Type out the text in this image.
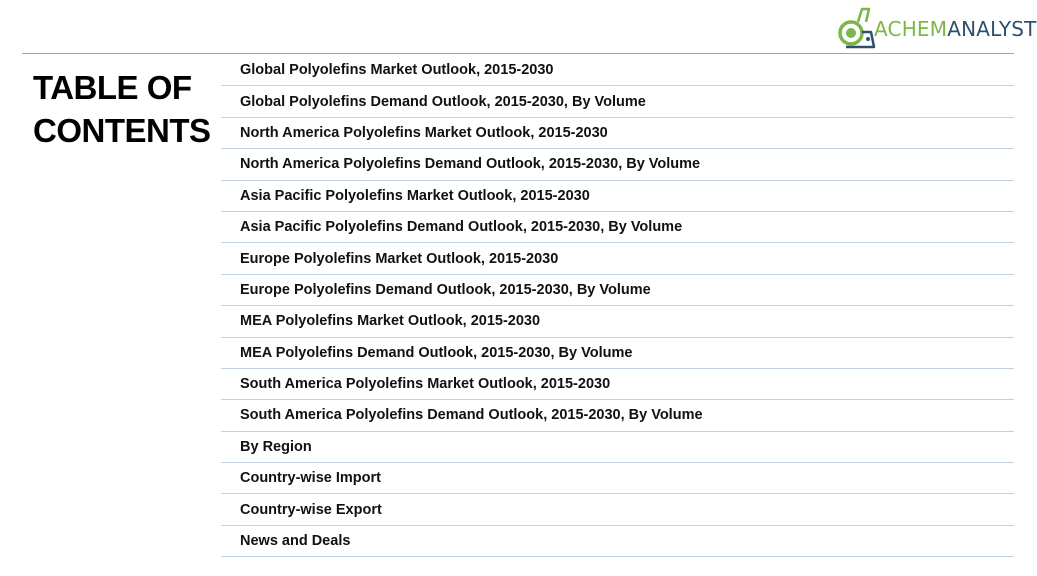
ACHEMANALYST
TABLE OF
CONTENTS
Global Polyolefins Market Outlook, 2015-2030
Global Polyolefins Demand Outlook, 2015-2030, By Volume
North America Polyolefins Market Outlook, 2015-2030
North America Polyolefins Demand Outlook, 2015-2030, By Volume
Asia Pacific Polyolefins Market Outlook, 2015-2030
Asia Pacific Polyolefins Demand Outlook, 2015-2030, By Volume
Europe Polyolefins Market Outlook, 2015-2030
Europe Polyolefins Demand Outlook, 2015-2030, By Volume
MEA Polyolefins Market Outlook, 2015-2030
MEA Polyolefins Demand Outlook, 2015-2030, By Volume
South America Polyolefins Market Outlook, 2015-2030
South America Polyolefins Demand Outlook, 2015-2030, By Volume
By Region
Country-wise Import
Country-wise Export
News and Deals
